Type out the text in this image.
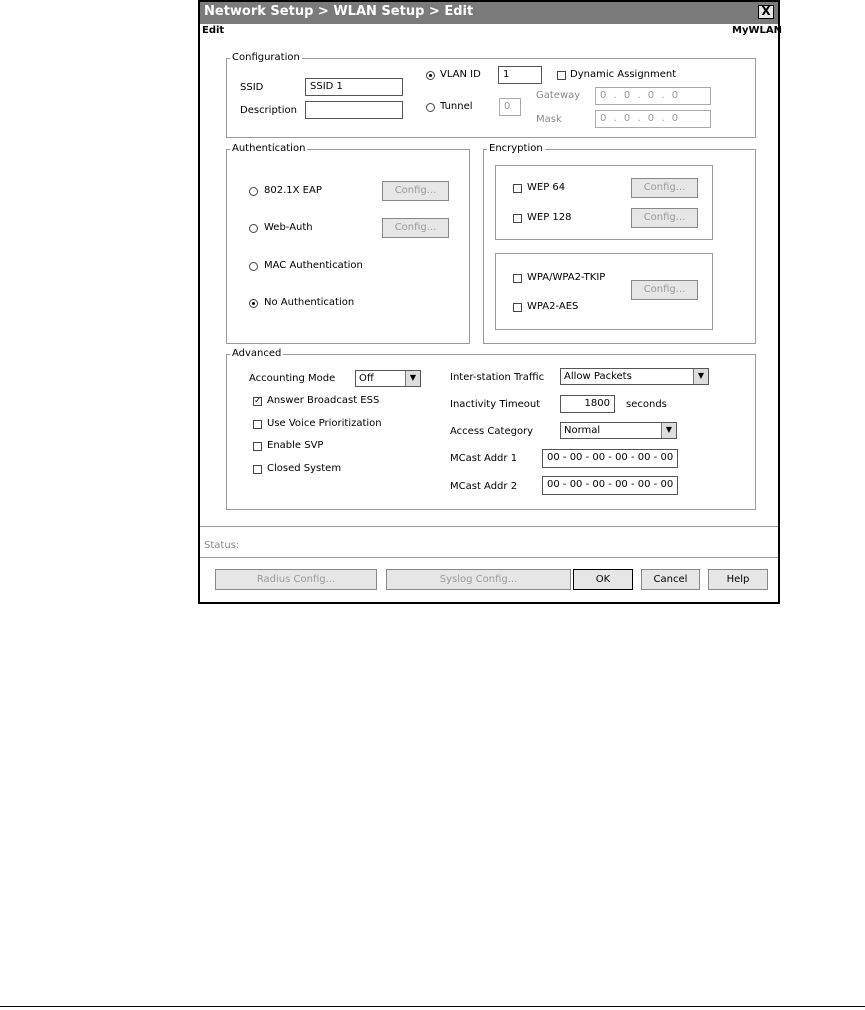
Network Setup > WLAN Setup > Edit	X
Edit	MyWLAN
Configuration
SSID	SSID 1
Description
VLAN ID	1	Dynamic Assignment
Tunnel	0
Gateway	0 . 0 . 0 . 0
Mask	0 . 0 . 0 . 0
Authentication
802.1X EAP	Config...
Web-Auth	Config...
MAC Authentication
No Authentication
Encryption
WEP 64	Config...
WEP 128	Config...
WPA/WPA2-TKIP
WPA2-AES
Config...
Advanced
Accounting Mode	Off	▼
✓ Answer Broadcast ESS
Use Voice Prioritization
Enable SVP
Closed System
Inter-station Traffic	Allow Packets	▼
Inactivity Timeout	1800	seconds
Access Category	Normal	▼
MCast Addr 1	00 - 00 - 00 - 00 - 00 - 00
MCast Addr 2	00 - 00 - 00 - 00 - 00 - 00
Status:
Radius Config...	Syslog Config...	OK	Cancel	Help
